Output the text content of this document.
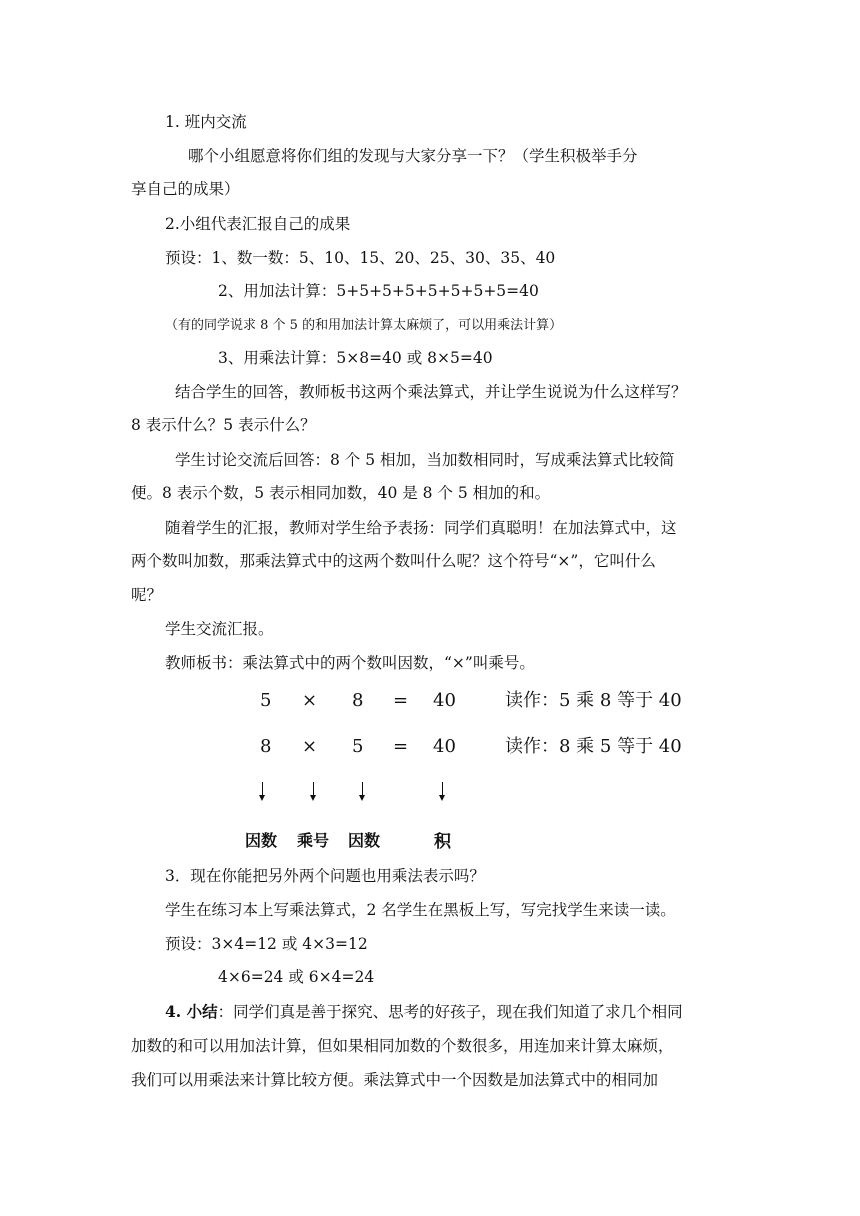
1. 班内交流
哪个小组愿意将你们组的发现与大家分享一下？（学生积极举手分
享自己的成果）
2.小组代表汇报自己的成果
预设：1、数一数：5、10、15、20、25、30、35、40
2、用加法计算：5+5+5+5+5+5+5+5=40
（有的同学说求 8 个 5 的和用加法计算太麻烦了，可以用乘法计算）
3、用乘法计算：5×8=40 或 8×5=40
结合学生的回答，教师板书这两个乘法算式，并让学生说说为什么这样写？
8 表示什么？5 表示什么？
学生讨论交流后回答：8 个 5 相加，当加数相同时，写成乘法算式比较简
便。8 表示个数，5 表示相同加数，40 是 8 个 5 相加的和。
随着学生的汇报，教师对学生给予表扬：同学们真聪明！在加法算式中，这
两个数叫加数，那乘法算式中的这两个数叫什么呢？这个符号“×”，它叫什么
呢？
学生交流汇报。
教师板书：乘法算式中的两个数叫因数，“×”叫乘号。
5 × 8 = 40	读作：5 乘 8 等于 40
8 × 5 = 40	读作：8 乘 5 等于 40
因数 乘号 因数	积
3．现在你能把另外两个问题也用乘法表示吗？
学生在练习本上写乘法算式，2 名学生在黑板上写，写完找学生来读一读。
预设：3×4=12 或 4×3=12
4×6=24 或 6×4=24
4. 小结：同学们真是善于探究、思考的好孩子，现在我们知道了求几个相同
加数的和可以用加法计算，但如果相同加数的个数很多，用连加来计算太麻烦，
我们可以用乘法来计算比较方便。乘法算式中一个因数是加法算式中的相同加
